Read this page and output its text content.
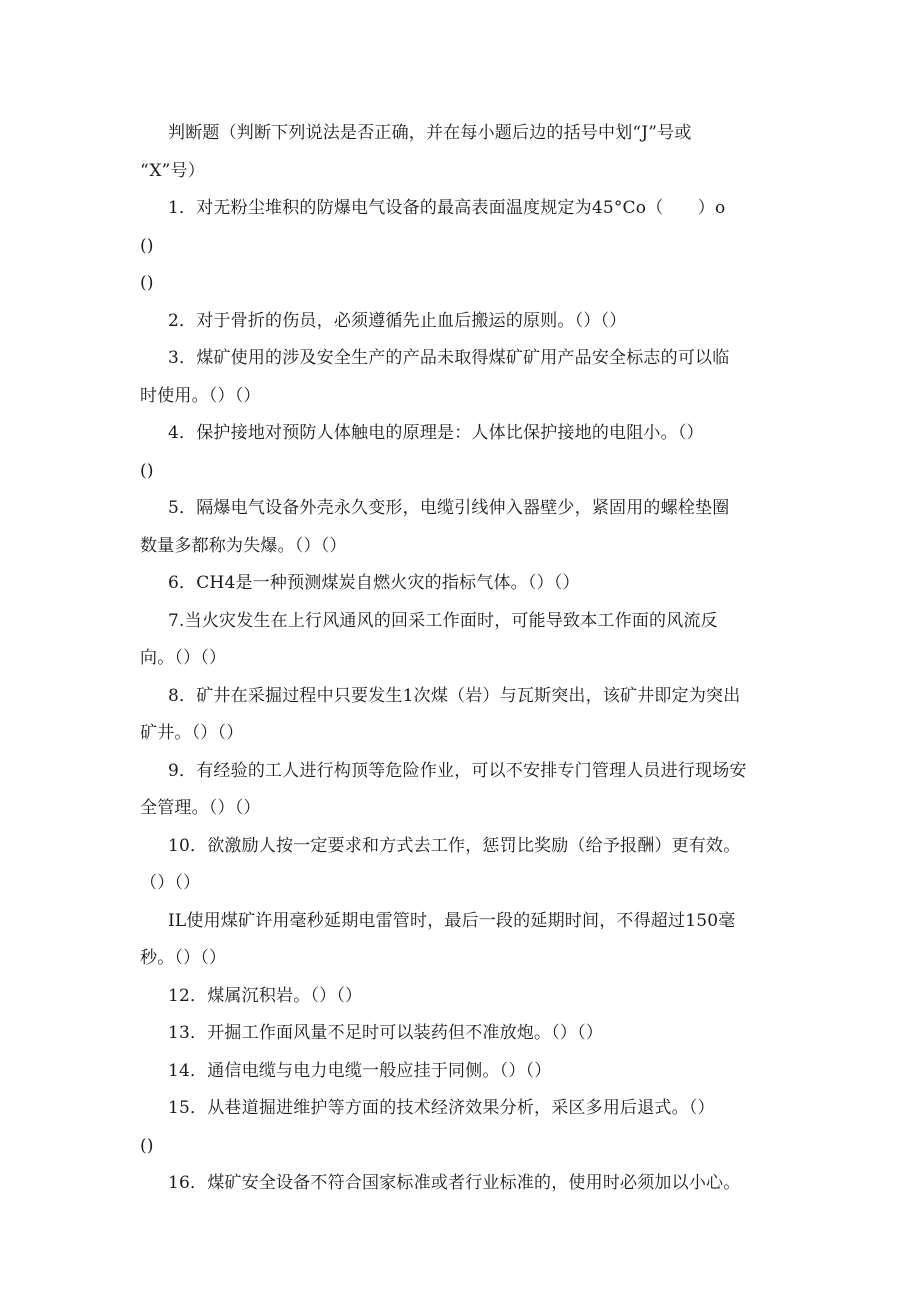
判断题（判断下列说法是否正确，并在每小题后边的括号中划“J”号或
“X”号）
1．对无粉尘堆积的防爆电气设备的最高表面温度规定为45°Co（　　）o
()
()
2．对于骨折的伤员，必须遵循先止血后搬运的原则。（）（）
3．煤矿使用的涉及安全生产的产品未取得煤矿矿用产品安全标志的可以临
时使用。（）（）
4．保护接地对预防人体触电的原理是：人体比保护接地的电阻小。（）
()
5．隔爆电气设备外壳永久变形，电缆引线伸入器壁少，紧固用的螺栓垫圈
数量多都称为失爆。（）（）
6．CH4是一种预测煤炭自燃火灾的指标气体。（）（）
7.当火灾发生在上行风通风的回采工作面时，可能导致本工作面的风流反
向。（）（）
8．矿井在采掘过程中只要发生1次煤（岩）与瓦斯突出，该矿井即定为突出
矿井。（）（）
9．有经验的工人进行构顶等危险作业，可以不安排专门管理人员进行现场安
全管理。（）（）
10．欲激励人按一定要求和方式去工作，惩罚比奖励（给予报酬）更有效。
（）（）
IL使用煤矿许用毫秒延期电雷管时，最后一段的延期时间，不得超过150毫
秒。（）（）
12．煤属沉积岩。（）（）
13．开掘工作面风量不足时可以装药但不准放炮。（）（）
14．通信电缆与电力电缆一般应挂于同侧。（）（）
15．从巷道掘进维护等方面的技术经济效果分析，采区多用后退式。（）
()
16．煤矿安全设备不符合国家标准或者行业标准的，使用时必须加以小心。
